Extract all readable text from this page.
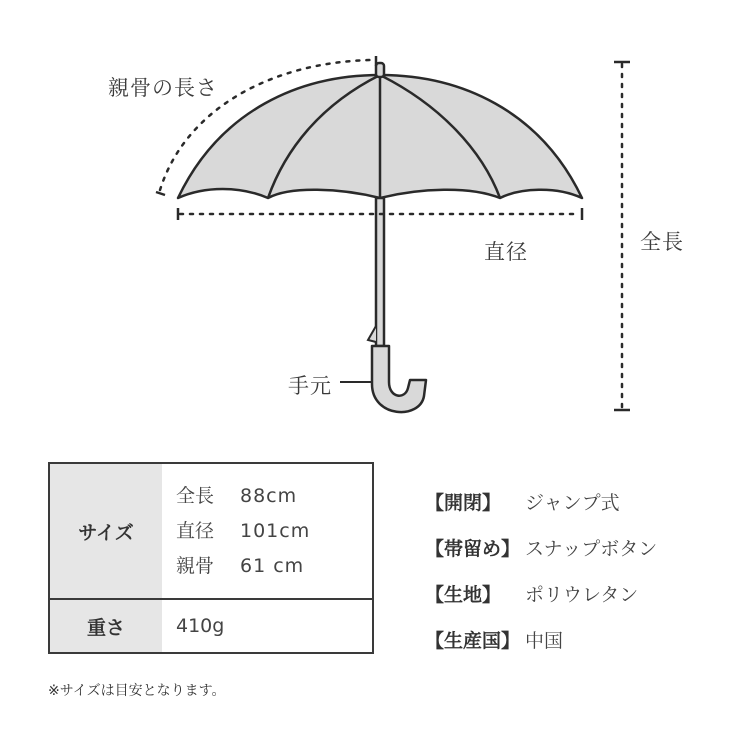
親骨の長さ
直径	全長
手元
サイズ
全長	88cm
直径	101cm
親骨	61 cm
重さ	410g
【開閉】	ジャンプ式
【帯留め】 スナップボタン
【生地】	ポリウレタン
【生産国】 中国
※サイズは目安となります。
